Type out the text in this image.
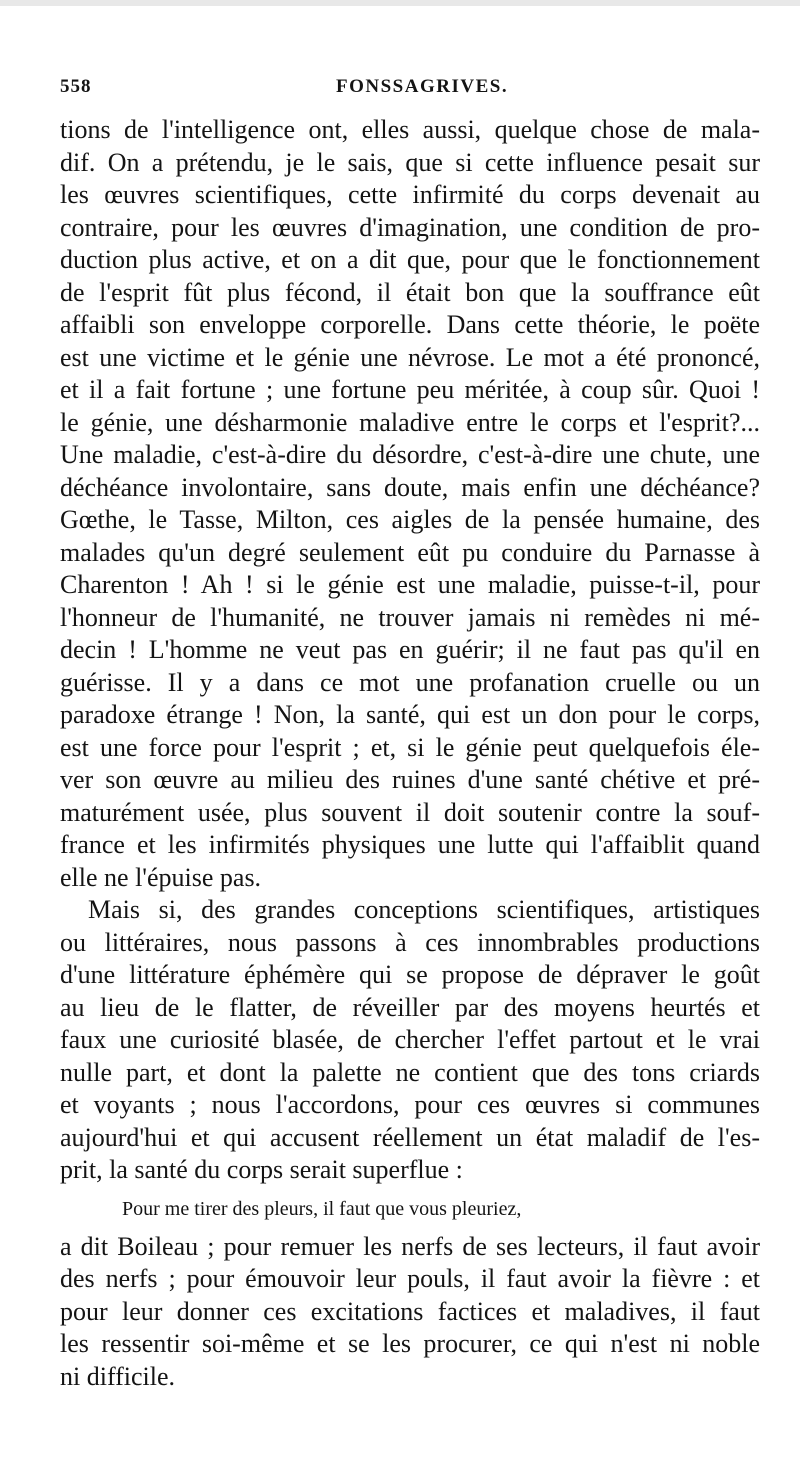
558	FONSSAGRIVES.
tions de l'intelligence ont, elles aussi, quelque chose de mala-
dif. On a prétendu, je le sais, que si cette influence pesait sur
les œuvres scientifiques, cette infirmité du corps devenait au
contraire, pour les œuvres d'imagination, une condition de pro-
duction plus active, et on a dit que, pour que le fonctionnement
de l'esprit fût plus fécond, il était bon que la souffrance eût
affaibli son enveloppe corporelle. Dans cette théorie, le poëte
est une victime et le génie une névrose. Le mot a été prononcé,
et il a fait fortune ; une fortune peu méritée, à coup sûr. Quoi !
le génie, une désharmonie maladive entre le corps et l'esprit?...
Une maladie, c'est-à-dire du désordre, c'est-à-dire une chute, une
déchéance involontaire, sans doute, mais enfin une déchéance?
Gœthe, le Tasse, Milton, ces aigles de la pensée humaine, des
malades qu'un degré seulement eût pu conduire du Parnasse à
Charenton ! Ah ! si le génie est une maladie, puisse-t-il, pour
l'honneur de l'humanité, ne trouver jamais ni remèdes ni mé-
decin ! L'homme ne veut pas en guérir; il ne faut pas qu'il en
guérisse. Il y a dans ce mot une profanation cruelle ou un
paradoxe étrange ! Non, la santé, qui est un don pour le corps,
est une force pour l'esprit ; et, si le génie peut quelquefois éle-
ver son œuvre au milieu des ruines d'une santé chétive et pré-
maturément usée, plus souvent il doit soutenir contre la souf-
france et les infirmités physiques une lutte qui l'affaiblit quand
elle ne l'épuise pas.
Mais si, des grandes conceptions scientifiques, artistiques
ou littéraires, nous passons à ces innombrables productions
d'une littérature éphémère qui se propose de dépraver le goût
au lieu de le flatter, de réveiller par des moyens heurtés et
faux une curiosité blasée, de chercher l'effet partout et le vrai
nulle part, et dont la palette ne contient que des tons criards
et voyants ; nous l'accordons, pour ces œuvres si communes
aujourd'hui et qui accusent réellement un état maladif de l'es-
prit, la santé du corps serait superflue :
Pour me tirer des pleurs, il faut que vous pleuriez,
a dit Boileau ; pour remuer les nerfs de ses lecteurs, il faut avoir
des nerfs ; pour émouvoir leur pouls, il faut avoir la fièvre : et
pour leur donner ces excitations factices et maladives, il faut
les ressentir soi-même et se les procurer, ce qui n'est ni noble
ni difficile.
